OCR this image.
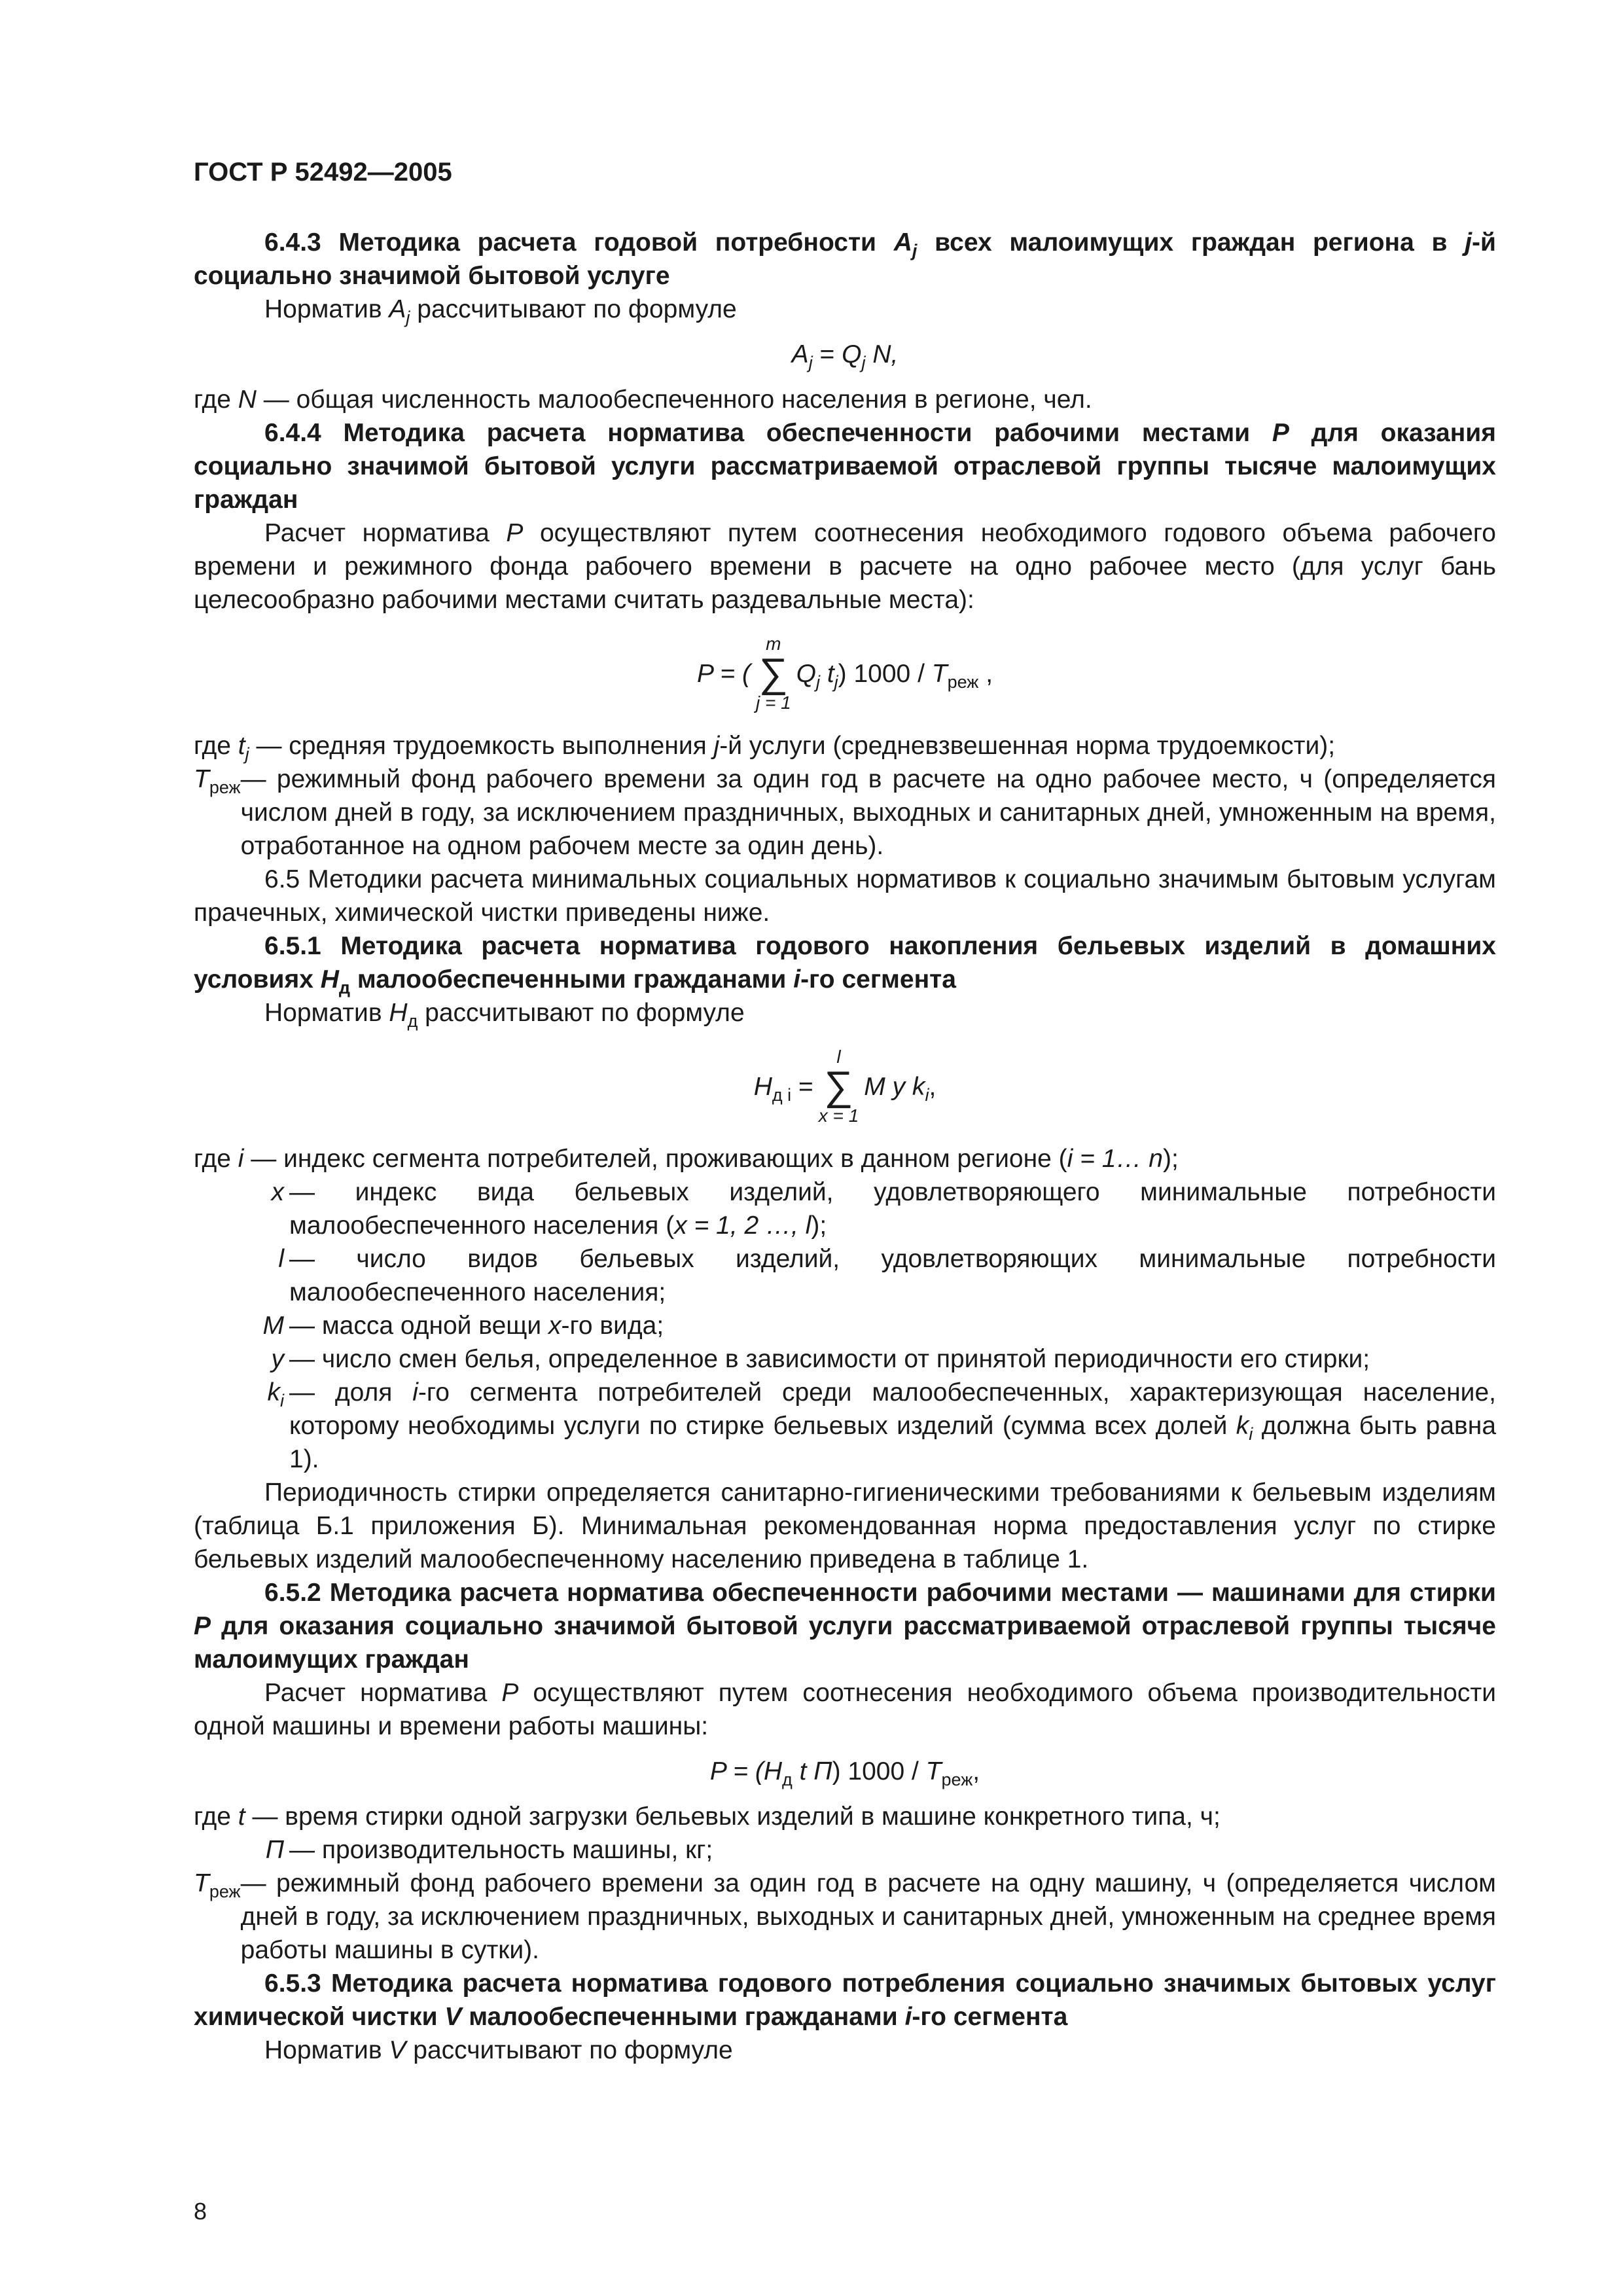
ГОСТ Р 52492—2005

6.4.3 Методика расчета годовой потребности $A_j$ всех малоимущих граждан региона в j-й социально значимой бытовой услуге

Норматив $A_j$ рассчитывают по формуле

$A_j = Q_j$ N,

где N — общая численность малообеспеченного населения в регионе, чел.

6.4.4 Методика расчета норматива обеспеченности рабочими местами P для оказания социально значимой бытовой услуги рассматриваемой отраслевой группы тысяче малоимущих граждан

Расчет норматива P осуществляют путем соотнесения необходимого годового объема рабочего времени и режимного фонда рабочего времени в расчете на одно рабочее место (для услуг бань целесообразно рабочими местами считать раздевальные места):

P = (
m
∑
j = 1
$Q_j$ $t_j$) $1000 / T_{реж}$ ,

где $t_j$ — средняя трудоемкость выполнения j-й услуги (средневзвешенная норма трудоемкости);

$T_{реж}$ — режимный фонд рабочего времени за один год в расчете на одно рабочее место, ч (определяется числом дней в году, за исключением праздничных, выходных и санитарных дней, умноженным на время, отработанное на одном рабочем месте за один день).

6.5 Методики расчета минимальных социальных нормативов к социально значимым бытовым услугам прачечных, химической чистки приведены ниже.

6.5.1 Методика расчета норматива годового накопления бельевых изделий в домашних условиях $H_д$ малообеспеченными гражданами i-го сегмента

Норматив $H_д$ рассчитывают по формуле

$H_{д i}$ =
l
∑
x = 1
M y $k_i$,

где i — индекс сегмента потребителей, проживающих в данном регионе (i = 1… n);

x — индекс вида бельевых изделий, удовлетворяющего минимальные потребности малообеспеченного населения (x = 1, 2 …, l);
l — число видов бельевых изделий, удовлетворяющих минимальные потребности малообеспеченного населения;
M — масса одной вещи x-го вида;
y — число смен белья, определенное в зависимости от принятой периодичности его стирки;
$k_i$ — доля i-го сегмента потребителей среди малообеспеченных, характеризующая население, которому необходимы услуги по стирке бельевых изделий (сумма всех долей $k_i$ должна быть равна 1).

Периодичность стирки определяется санитарно-гигиеническими требованиями к бельевым изделиям (таблица Б.1 приложения Б). Минимальная рекомендованная норма предоставления услуг по стирке бельевых изделий малообеспеченному населению приведена в таблице 1.

6.5.2 Методика расчета норматива обеспеченности рабочими местами — машинами для стирки P для оказания социально значимой бытовой услуги рассматриваемой отраслевой группы тысяче малоимущих граждан

Расчет норматива P осуществляют путем соотнесения необходимого объема производительности одной машины и времени работы машины:

$P = (H_д$ t П) $1000 / T_{реж}$,

где t — время стирки одной загрузки бельевых изделий в машине конкретного типа, ч;

П — производительность машины, кг;
$T_{реж}$ — режимный фонд рабочего времени за один год в расчете на одну машину, ч (определяется числом дней в году, за исключением праздничных, выходных и санитарных дней, умноженным на среднее время работы машины в сутки).

6.5.3 Методика расчета норматива годового потребления социально значимых бытовых услуг химической чистки V малообеспеченными гражданами i-го сегмента

Норматив V рассчитывают по формуле

8
